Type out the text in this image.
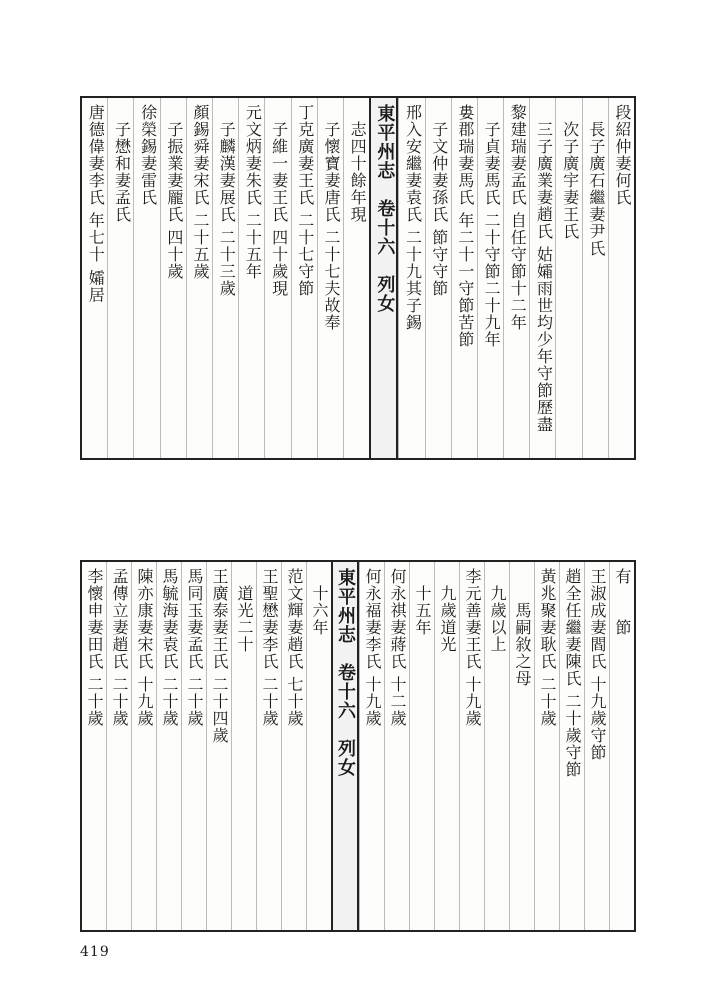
段紹仲妻何氏
　長子廣石繼妻尹氏
　次子廣宇妻王氏
　三子廣業妻趙氏 姑孀雨世均少年守節歷盡
黎建瑞妻孟氏 自任守節十二年
　子貞妻馬氏 二十守節二十九年
婁郡瑞妻馬氏 年二十一守節苦節
　子文仲妻孫氏 節守守節
邢入安繼妻袁氏 二十九其子錫
東平州志　卷十六　列女
　志四十餘年現
　子懷寶妻唐氏 二十七夫故奉
丁克廣妻王氏 二十七守節
　子維一妻王氏 四十歲現
元文炳妻朱氏 二十五年
　子麟漢妻展氏 二十三歲
顏錫舜妻宋氏 二十五歲
　子振業妻龎氏 四十歲
徐榮錫妻雷氏
　子懋和妻孟氏
唐德偉妻李氏 年七十 孀居
有　　節
王淑成妻閻氏 十九歲守節
趙全任繼妻陳氏 二十歲守節
黃兆聚妻耿氏 二十歲
　　馬嗣敘之母
　九歲以上
李元善妻王氏 十九歲
　九歲道光
　十五年
何永祺妻蔣氏 十二歲
何永福妻李氏 十九歲
東平州志　卷十六　列女
　十六年
范文輝妻趙氏 七十歲
王聖懋妻李氏 二十歲
　道光二十
王廣泰妻王氏 二十四歲
馬同玉妻孟氏 二十歲
馬毓海妻袁氏 二十歲
陳亦康妻宋氏 十九歲
孟傳立妻趙氏 二十歲
李懷申妻田氏 二十歲
419
